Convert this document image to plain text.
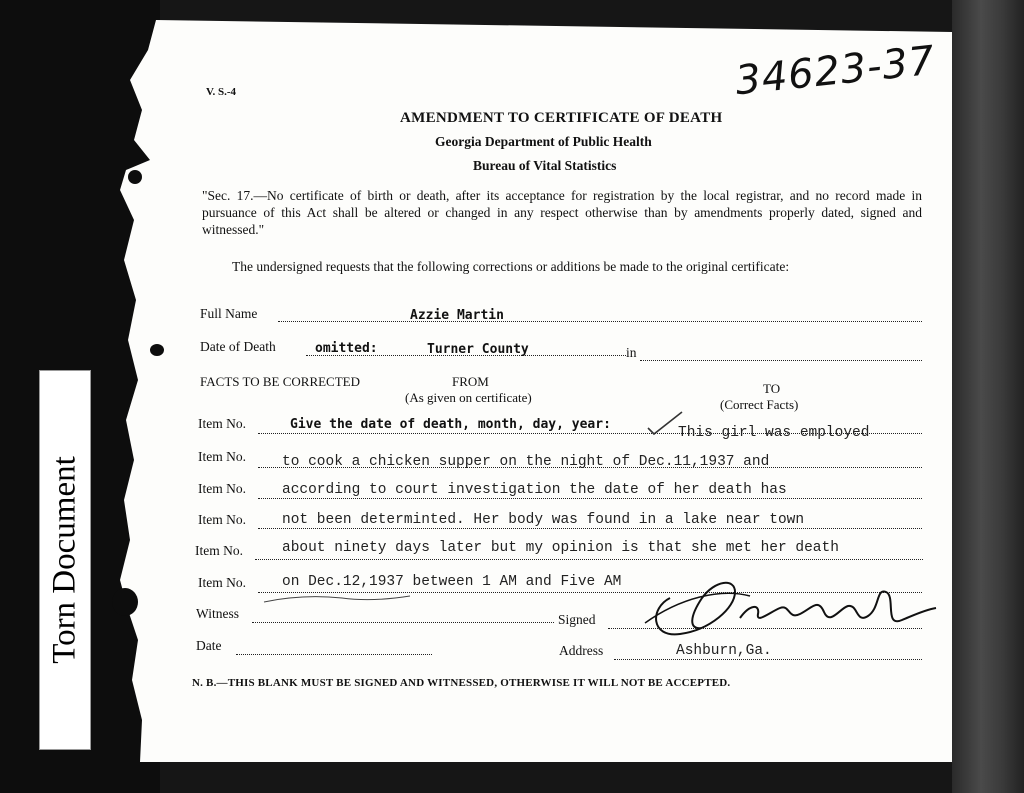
Torn Document
V. S.-4	34623-37
AMENDMENT TO CERTIFICATE OF DEATH
Georgia Department of Public Health
Bureau of Vital Statistics
"Sec. 17.—No certificate of birth or death, after its acceptance for registration by the local registrar, and no record made in pursuance of this Act shall be altered or changed in any respect otherwise than by amendments properly dated, signed and witnessed."
The undersigned requests that the following corrections or additions be made to the original certificate:
Full Name	Azzie Martin
Date of Death	omitted:	Turner County	in
FACTS TO BE CORRECTED	FROM
(As given on certificate)
TO
(Correct Facts)
Item No.	Give the date of death, month, day, year:
This girl was employed
Item No. to cook a chicken supper on the night of Dec.11,1937 and
Item No. according to court investigation the date of her death has
Item No. not been determinted. Her body was found in a lake near town
Item No.	about ninety days later but my opinion is that she met her death
Item No. on Dec.12,1937 between 1 AM and Five AM
Witness	Signed
Date	Address	Ashburn,Ga.
N. B.—THIS BLANK MUST BE SIGNED AND WITNESSED, OTHERWISE IT WILL NOT BE ACCEPTED.
